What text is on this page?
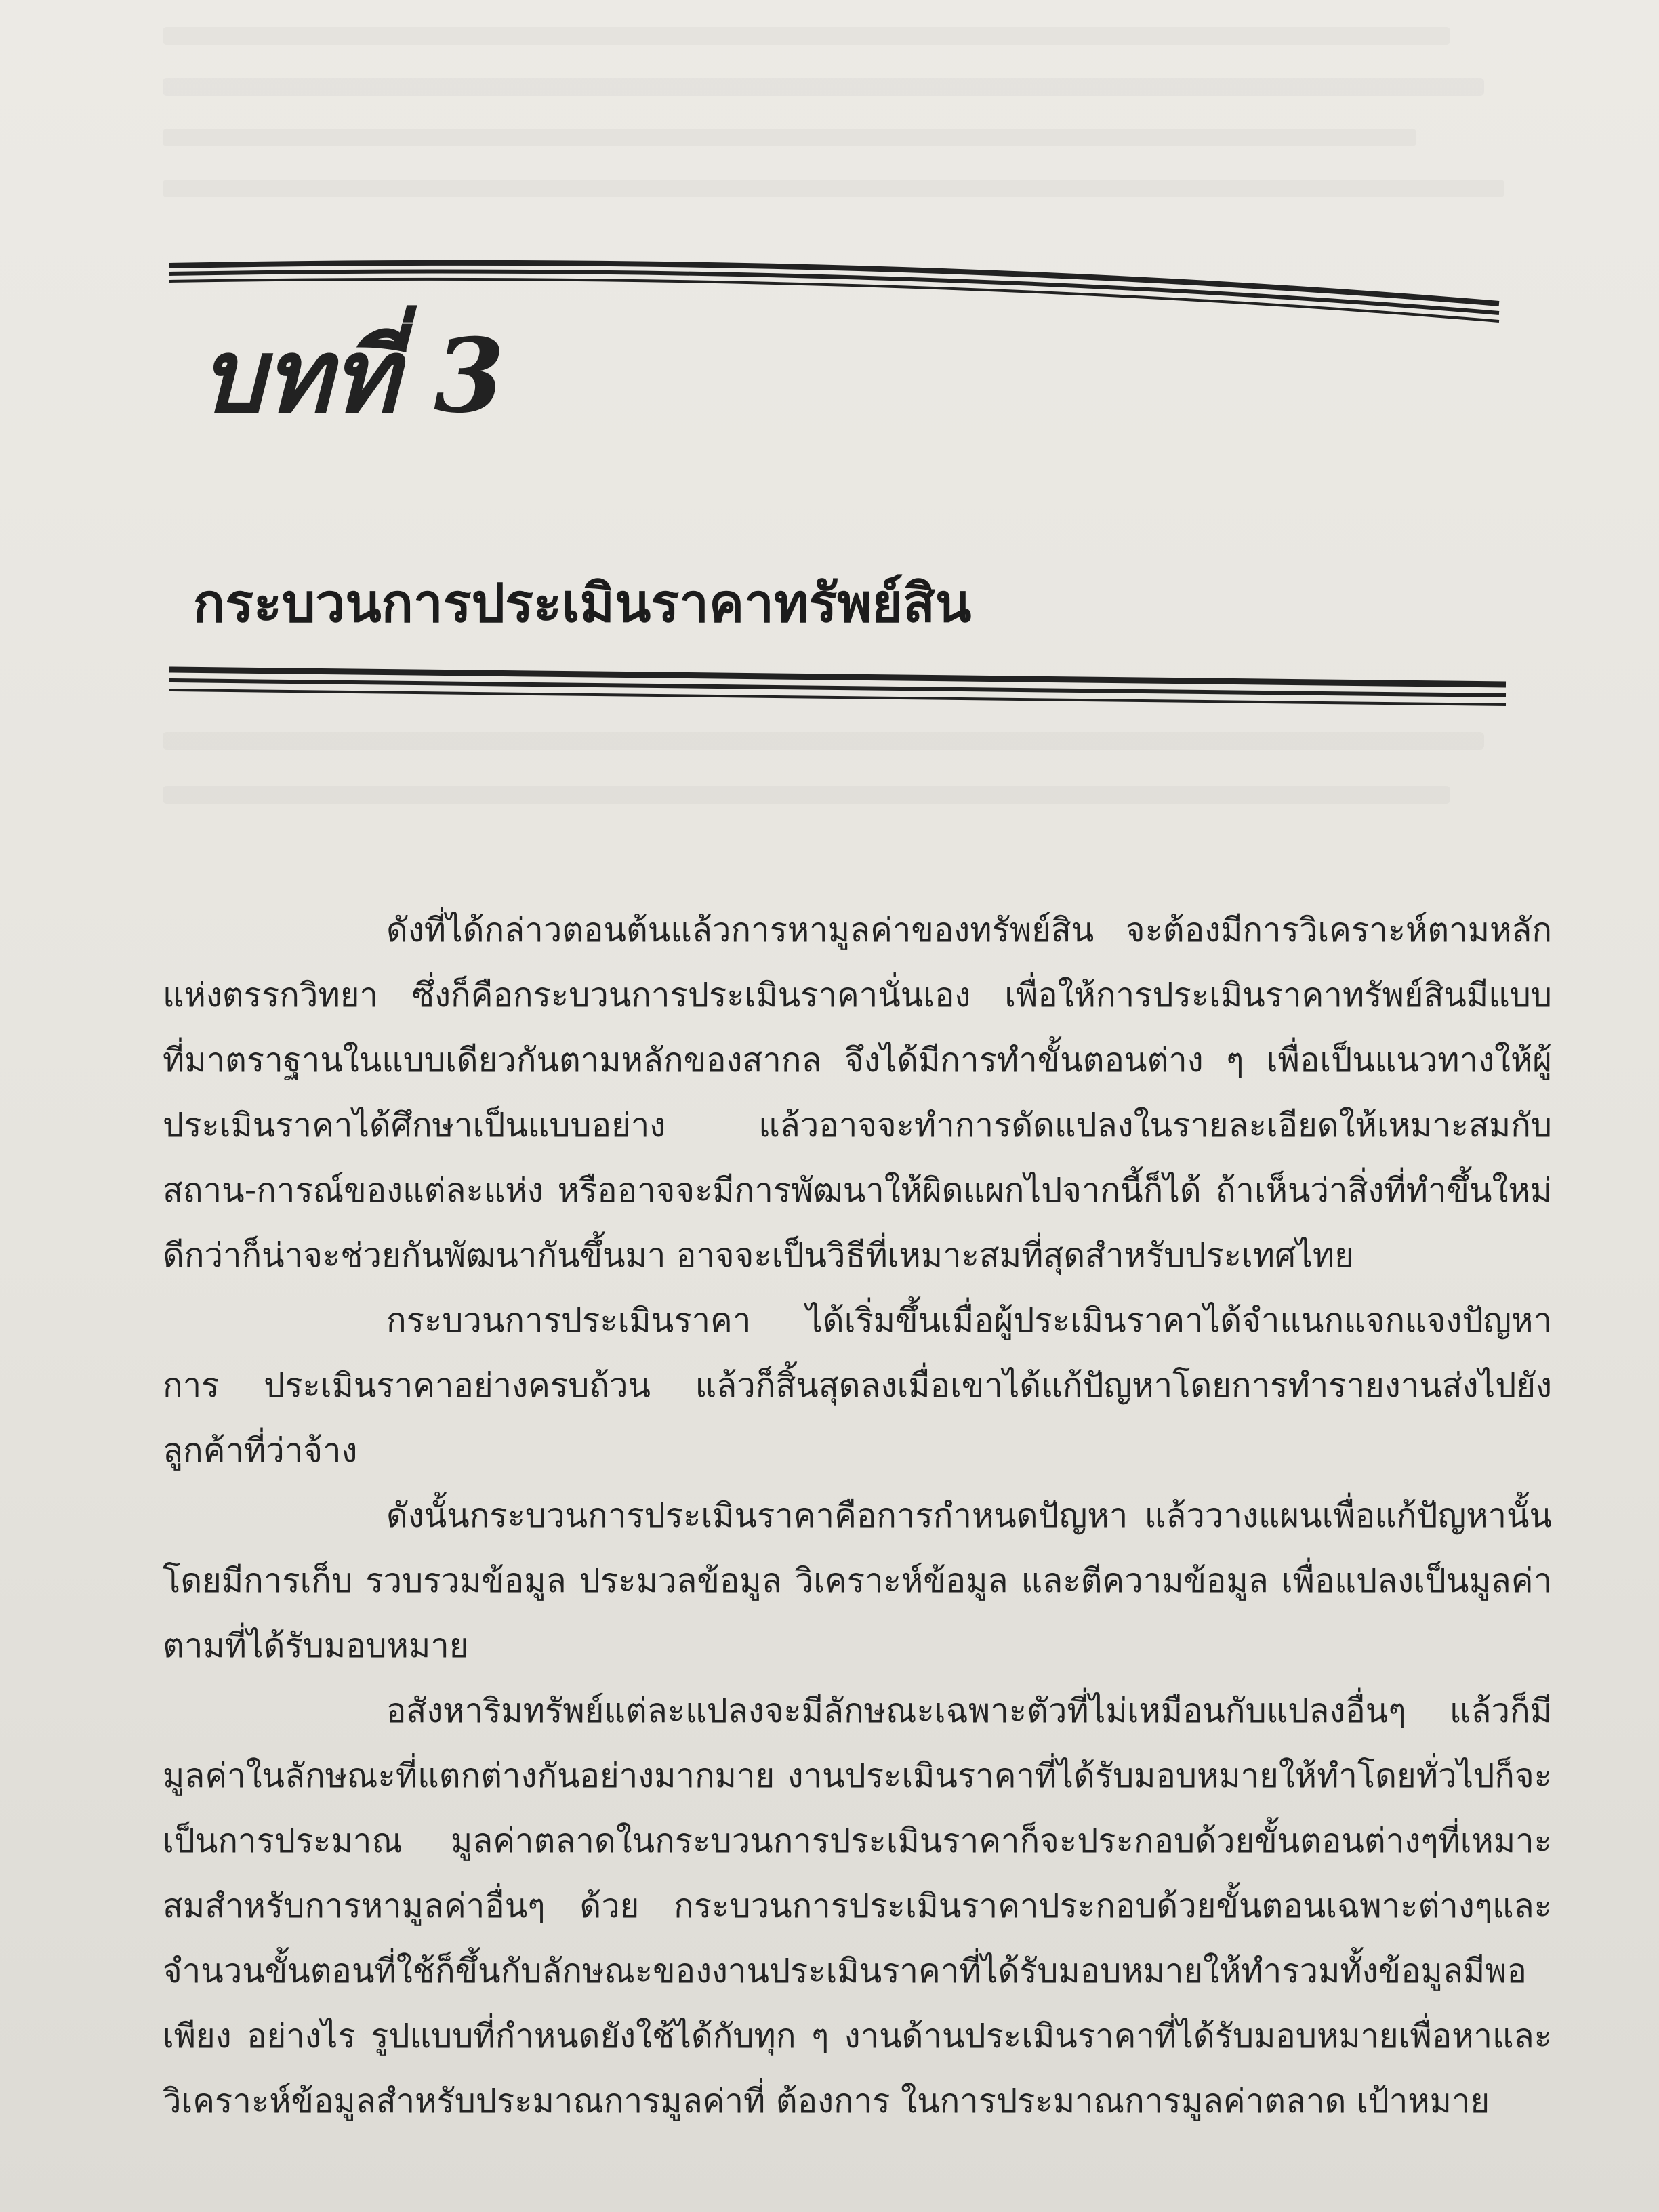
บทที่ 3
กระบวนการประเมินราคาทรัพย์สิน

ดังที่ได้กล่าวตอนต้นแล้วการหามูลค่าของทรัพย์สิน จะต้องมีการวิเคราะห์ตามหลักแห่งตรรกวิทยา ซึ่งก็คือกระบวนการประเมินราคานั่นเอง เพื่อให้การประเมินราคาทรัพย์สินมีแบบที่มาตราฐานในแบบเดียวกันตามหลักของสากล จึงได้มีการทำขั้นตอนต่าง ๆ เพื่อเป็นแนวทางให้ผู้ประเมินราคาได้ศึกษาเป็นแบบอย่าง แล้วอาจจะทำการดัดแปลงในรายละเอียดให้เหมาะสมกับสถาน-การณ์ของแต่ละแห่ง หรืออาจจะมีการพัฒนาให้ผิดแผกไปจากนี้ก็ได้ ถ้าเห็นว่าสิ่งที่ทำขึ้นใหม่ดีกว่าก็น่าจะช่วยกันพัฒนากันขึ้นมา อาจจะเป็นวิธีที่เหมาะสมที่สุดสำหรับประเทศไทย

กระบวนการประเมินราคา ได้เริ่มขึ้นเมื่อผู้ประเมินราคาได้จำแนกแจกแจงปัญหาการ ประเมินราคาอย่างครบถ้วน แล้วก็สิ้นสุดลงเมื่อเขาได้แก้ปัญหาโดยการทำรายงานส่งไปยังลูกค้าที่ว่าจ้าง

ดังนั้นกระบวนการประเมินราคาคือการกำหนดปัญหา แล้ววางแผนเพื่อแก้ปัญหานั้นโดยมีการเก็บ รวบรวมข้อมูล ประมวลข้อมูล วิเคราะห์ข้อมูล และตีความข้อมูล เพื่อแปลงเป็นมูลค่าตามที่ได้รับมอบหมาย

อสังหาริมทรัพย์แต่ละแปลงจะมีลักษณะเฉพาะตัวที่ไม่เหมือนกับแปลงอื่นๆ แล้วก็มีมูลค่าในลักษณะที่แตกต่างกันอย่างมากมาย งานประเมินราคาที่ได้รับมอบหมายให้ทำโดยทั่วไปก็จะเป็นการประมาณ มูลค่าตลาดในกระบวนการประเมินราคาก็จะประกอบด้วยขั้นตอนต่างๆที่เหมาะสมสำหรับการหามูลค่าอื่นๆ ด้วย กระบวนการประเมินราคาประกอบด้วยขั้นตอนเฉพาะต่างๆและจำนวนขั้นตอนที่ใช้ก็ขึ้นกับลักษณะของงานประเมินราคาที่ได้รับมอบหมายให้ทำรวมทั้งข้อมูลมีพอเพียง อย่างไร รูปแบบที่กำหนดยังใช้ได้กับทุก ๆ งานด้านประเมินราคาที่ได้รับมอบหมายเพื่อหาและวิเคราะห์ข้อมูลสำหรับประมาณการมูลค่าที่ ต้องการ ในการประมาณการมูลค่าตลาด เป้าหมาย
